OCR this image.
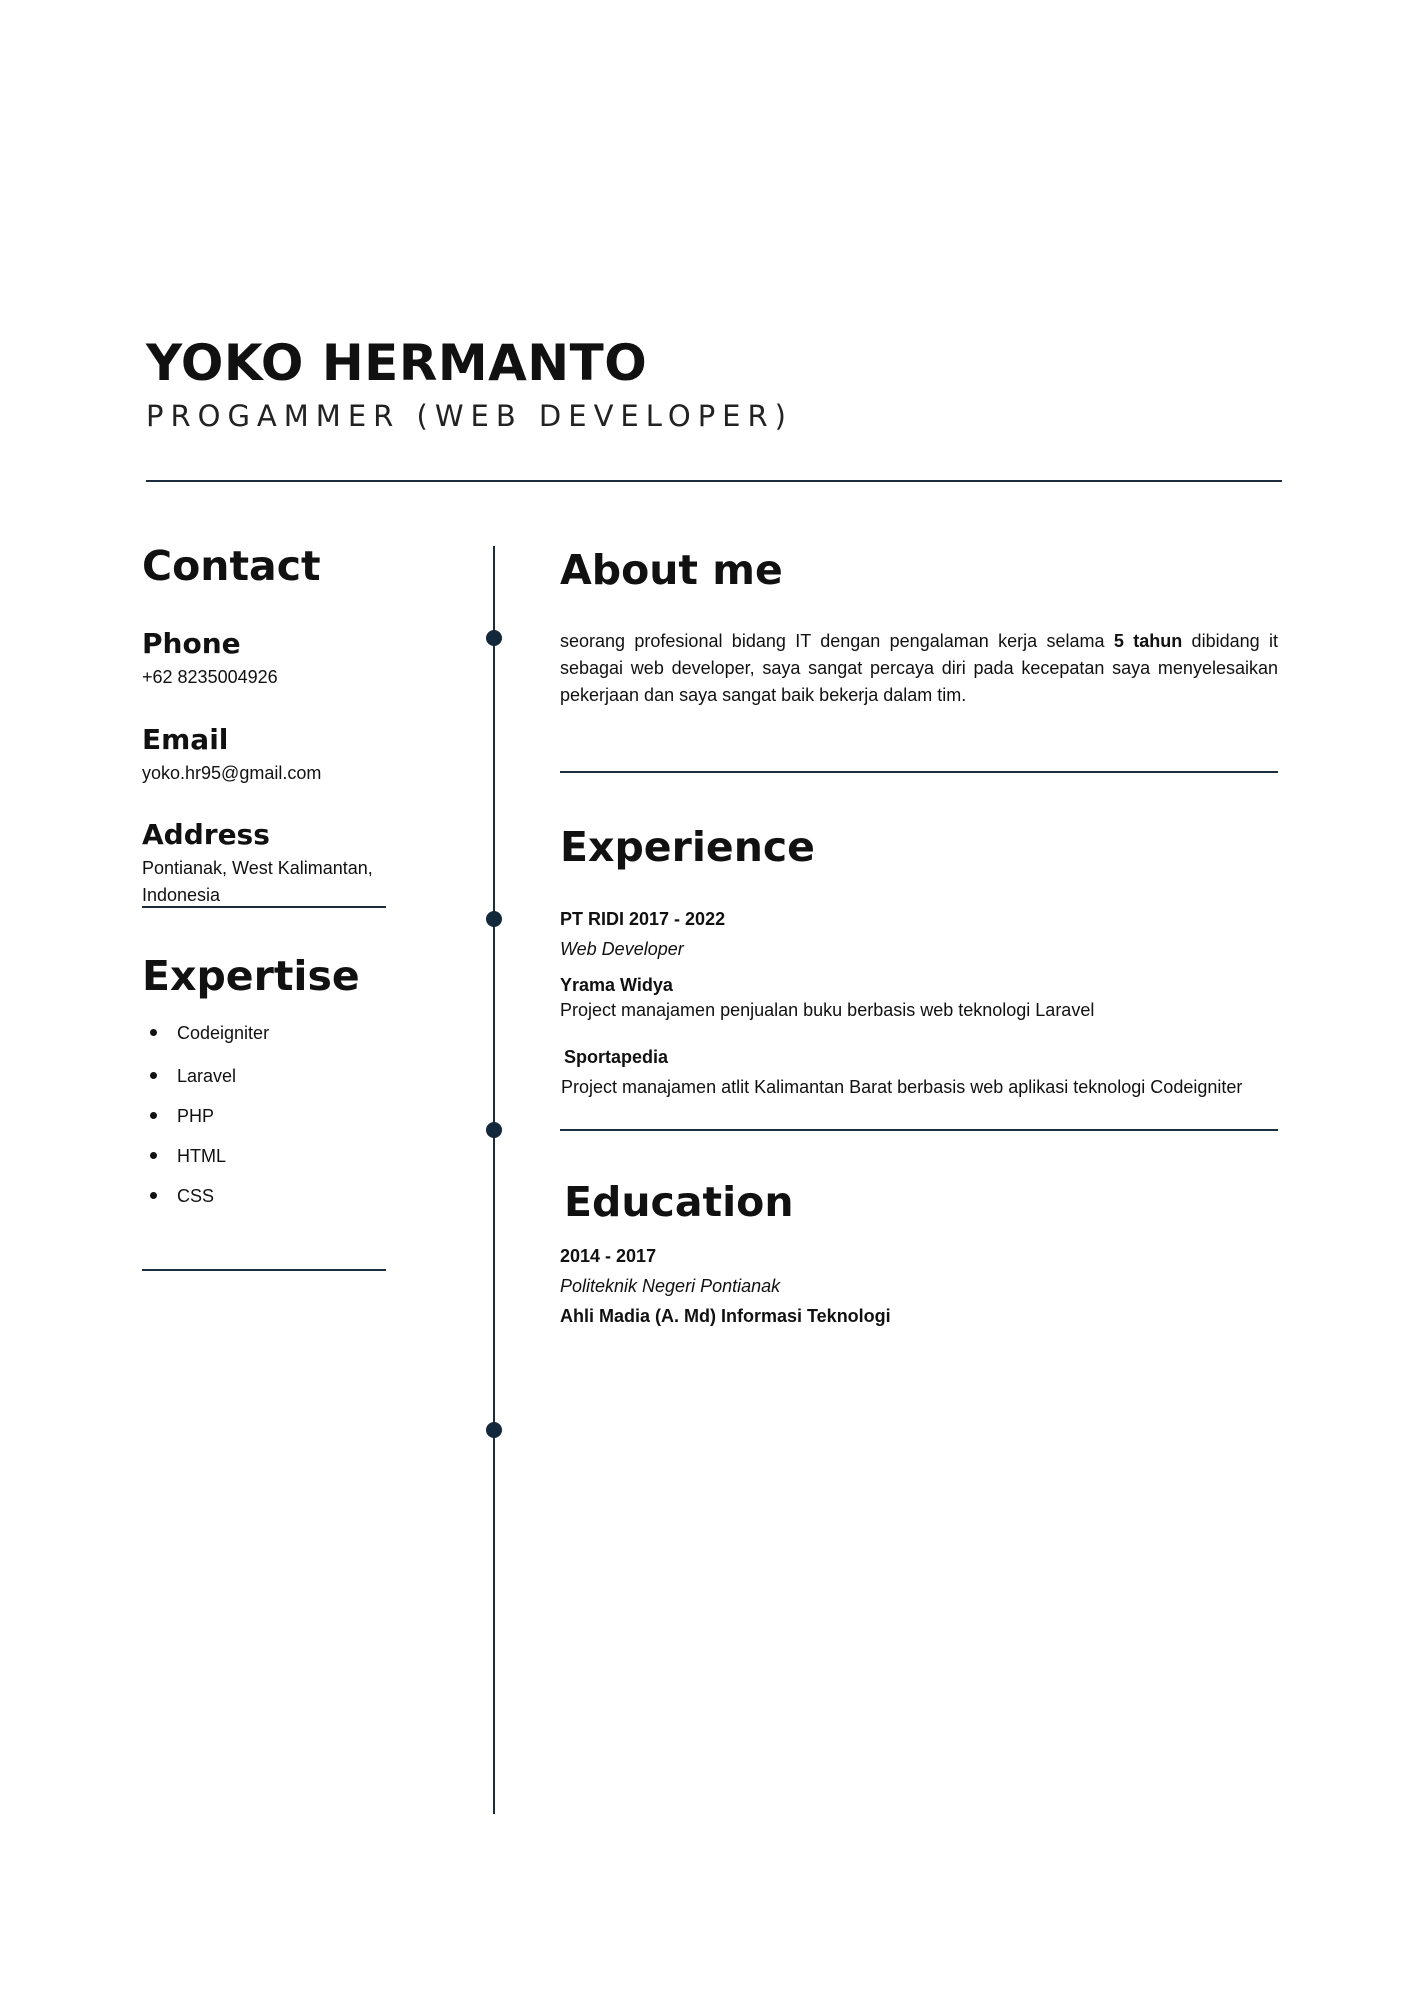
YOKO HERMANTO

PROGAMMER (WEB DEVELOPER)

Contact
Phone

+62 8235004926

Email

yoko.hr95@gmail.com

Address

Pontianak, West Kalimantan,

Indonesia

Expertise
Codeigniter
Laravel
PHP
HTML
CSS
About me

seorang profesional bidang IT dengan pengalaman kerja selama 5 tahun dibidang it sebagai web developer, saya sangat percaya diri pada kecepatan saya menyelesaikan pekerjaan dan saya sangat baik bekerja dalam tim.

Experience

PT RIDI 2017 - 2022

Web Developer

Yrama Widya

Project manajamen penjualan buku berbasis web teknologi Laravel

Sportapedia

Project manajamen atlit Kalimantan Barat berbasis web aplikasi teknologi Codeigniter

Education

2014 - 2017

Politeknik Negeri Pontianak

Ahli Madia (A. Md) Informasi Teknologi
